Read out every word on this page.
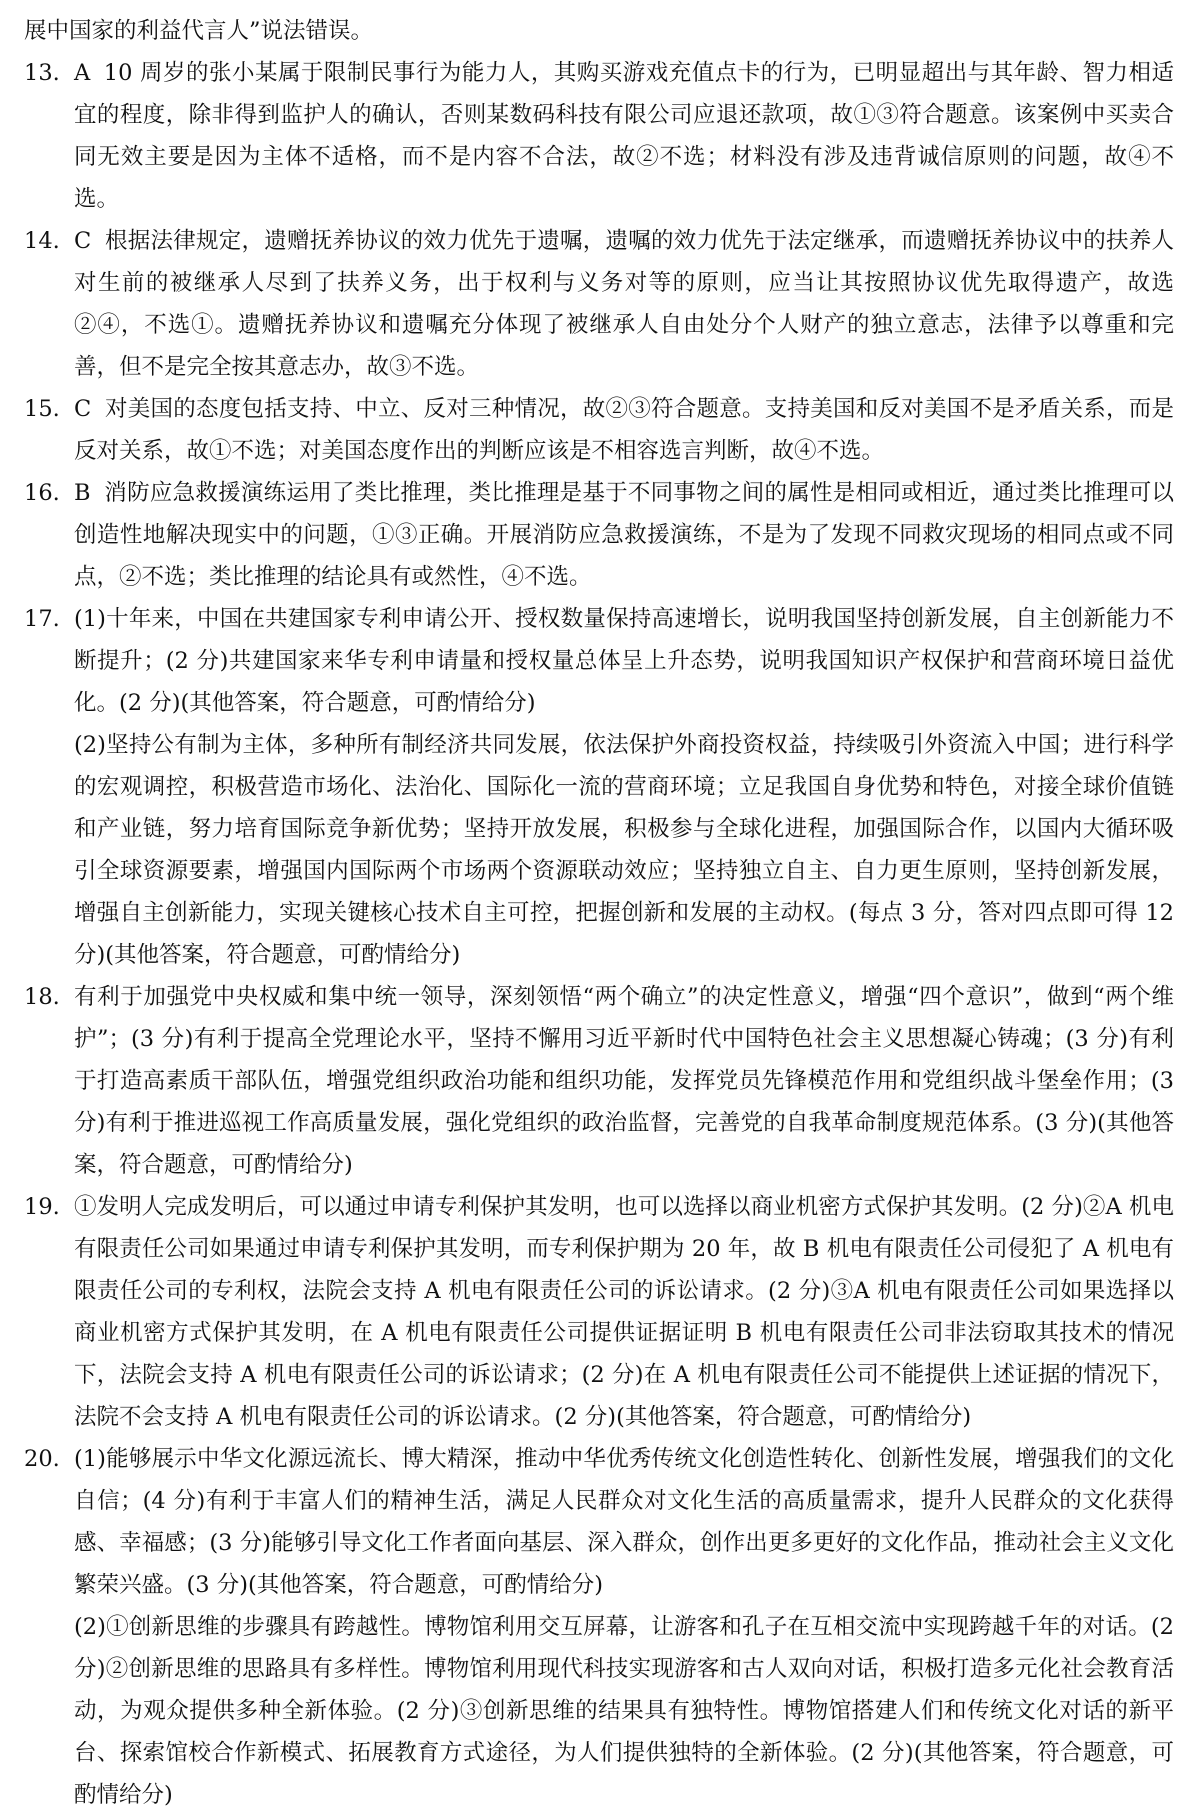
展中国家的利益代言人”说法错误。

13. A 10 周岁的张小某属于限制民事行为能力人，其购买游戏充值点卡的行为，已明显超出与其年龄、智力相适宜的程度，除非得到监护人的确认，否则某数码科技有限公司应退还款项，故①③符合题意。该案例中买卖合同无效主要是因为主体不适格，而不是内容不合法，故②不选；材料没有涉及违背诚信原则的问题，故④不选。

14. C 根据法律规定，遗赠抚养协议的效力优先于遗嘱，遗嘱的效力优先于法定继承，而遗赠抚养协议中的扶养人对生前的被继承人尽到了扶养义务，出于权利与义务对等的原则，应当让其按照协议优先取得遗产，故选②④，不选①。遗赠抚养协议和遗嘱充分体现了被继承人自由处分个人财产的独立意志，法律予以尊重和完善，但不是完全按其意志办，故③不选。

15. C 对美国的态度包括支持、中立、反对三种情况，故②③符合题意。支持美国和反对美国不是矛盾关系，而是反对关系，故①不选；对美国态度作出的判断应该是不相容选言判断，故④不选。

16. B 消防应急救援演练运用了类比推理，类比推理是基于不同事物之间的属性是相同或相近，通过类比推理可以创造性地解决现实中的问题，①③正确。开展消防应急救援演练，不是为了发现不同救灾现场的相同点或不同点，②不选；类比推理的结论具有或然性，④不选。

17. (1)十年来，中国在共建国家专利申请公开、授权数量保持高速增长，说明我国坚持创新发展，自主创新能力不断提升；(2 分)共建国家来华专利申请量和授权量总体呈上升态势，说明我国知识产权保护和营商环境日益优化。(2 分)(其他答案，符合题意，可酌情给分)

(2)坚持公有制为主体，多种所有制经济共同发展，依法保护外商投资权益，持续吸引外资流入中国；进行科学的宏观调控，积极营造市场化、法治化、国际化一流的营商环境；立足我国自身优势和特色，对接全球价值链和产业链，努力培育国际竞争新优势；坚持开放发展，积极参与全球化进程，加强国际合作，以国内大循环吸引全球资源要素，增强国内国际两个市场两个资源联动效应；坚持独立自主、自力更生原则，坚持创新发展，增强自主创新能力，实现关键核心技术自主可控，把握创新和发展的主动权。(每点 3 分，答对四点即可得 12 分)(其他答案，符合题意，可酌情给分)

18. 有利于加强党中央权威和集中统一领导，深刻领悟“两个确立”的决定性意义，增强“四个意识”，做到“两个维护”；(3 分)有利于提高全党理论水平，坚持不懈用习近平新时代中国特色社会主义思想凝心铸魂；(3 分)有利于打造高素质干部队伍，增强党组织政治功能和组织功能，发挥党员先锋模范作用和党组织战斗堡垒作用；(3 分)有利于推进巡视工作高质量发展，强化党组织的政治监督，完善党的自我革命制度规范体系。(3 分)(其他答案，符合题意，可酌情给分)

19. ①发明人完成发明后，可以通过申请专利保护其发明，也可以选择以商业机密方式保护其发明。(2 分)②A 机电有限责任公司如果通过申请专利保护其发明，而专利保护期为 20 年，故 B 机电有限责任公司侵犯了 A 机电有限责任公司的专利权，法院会支持 A 机电有限责任公司的诉讼请求。(2 分)③A 机电有限责任公司如果选择以商业机密方式保护其发明，在 A 机电有限责任公司提供证据证明 B 机电有限责任公司非法窃取其技术的情况下，法院会支持 A 机电有限责任公司的诉讼请求；(2 分)在 A 机电有限责任公司不能提供上述证据的情况下，法院不会支持 A 机电有限责任公司的诉讼请求。(2 分)(其他答案，符合题意，可酌情给分)

20. (1)能够展示中华文化源远流长、博大精深，推动中华优秀传统文化创造性转化、创新性发展，增强我们的文化自信；(4 分)有利于丰富人们的精神生活，满足人民群众对文化生活的高质量需求，提升人民群众的文化获得感、幸福感；(3 分)能够引导文化工作者面向基层、深入群众，创作出更多更好的文化作品，推动社会主义文化繁荣兴盛。(3 分)(其他答案，符合题意，可酌情给分)

(2)①创新思维的步骤具有跨越性。博物馆利用交互屏幕，让游客和孔子在互相交流中实现跨越千年的对话。(2 分)②创新思维的思路具有多样性。博物馆利用现代科技实现游客和古人双向对话，积极打造多元化社会教育活动，为观众提供多种全新体验。(2 分)③创新思维的结果具有独特性。博物馆搭建人们和传统文化对话的新平台、探索馆校合作新模式、拓展教育方式途径，为人们提供独特的全新体验。(2 分)(其他答案，符合题意，可酌情给分)
